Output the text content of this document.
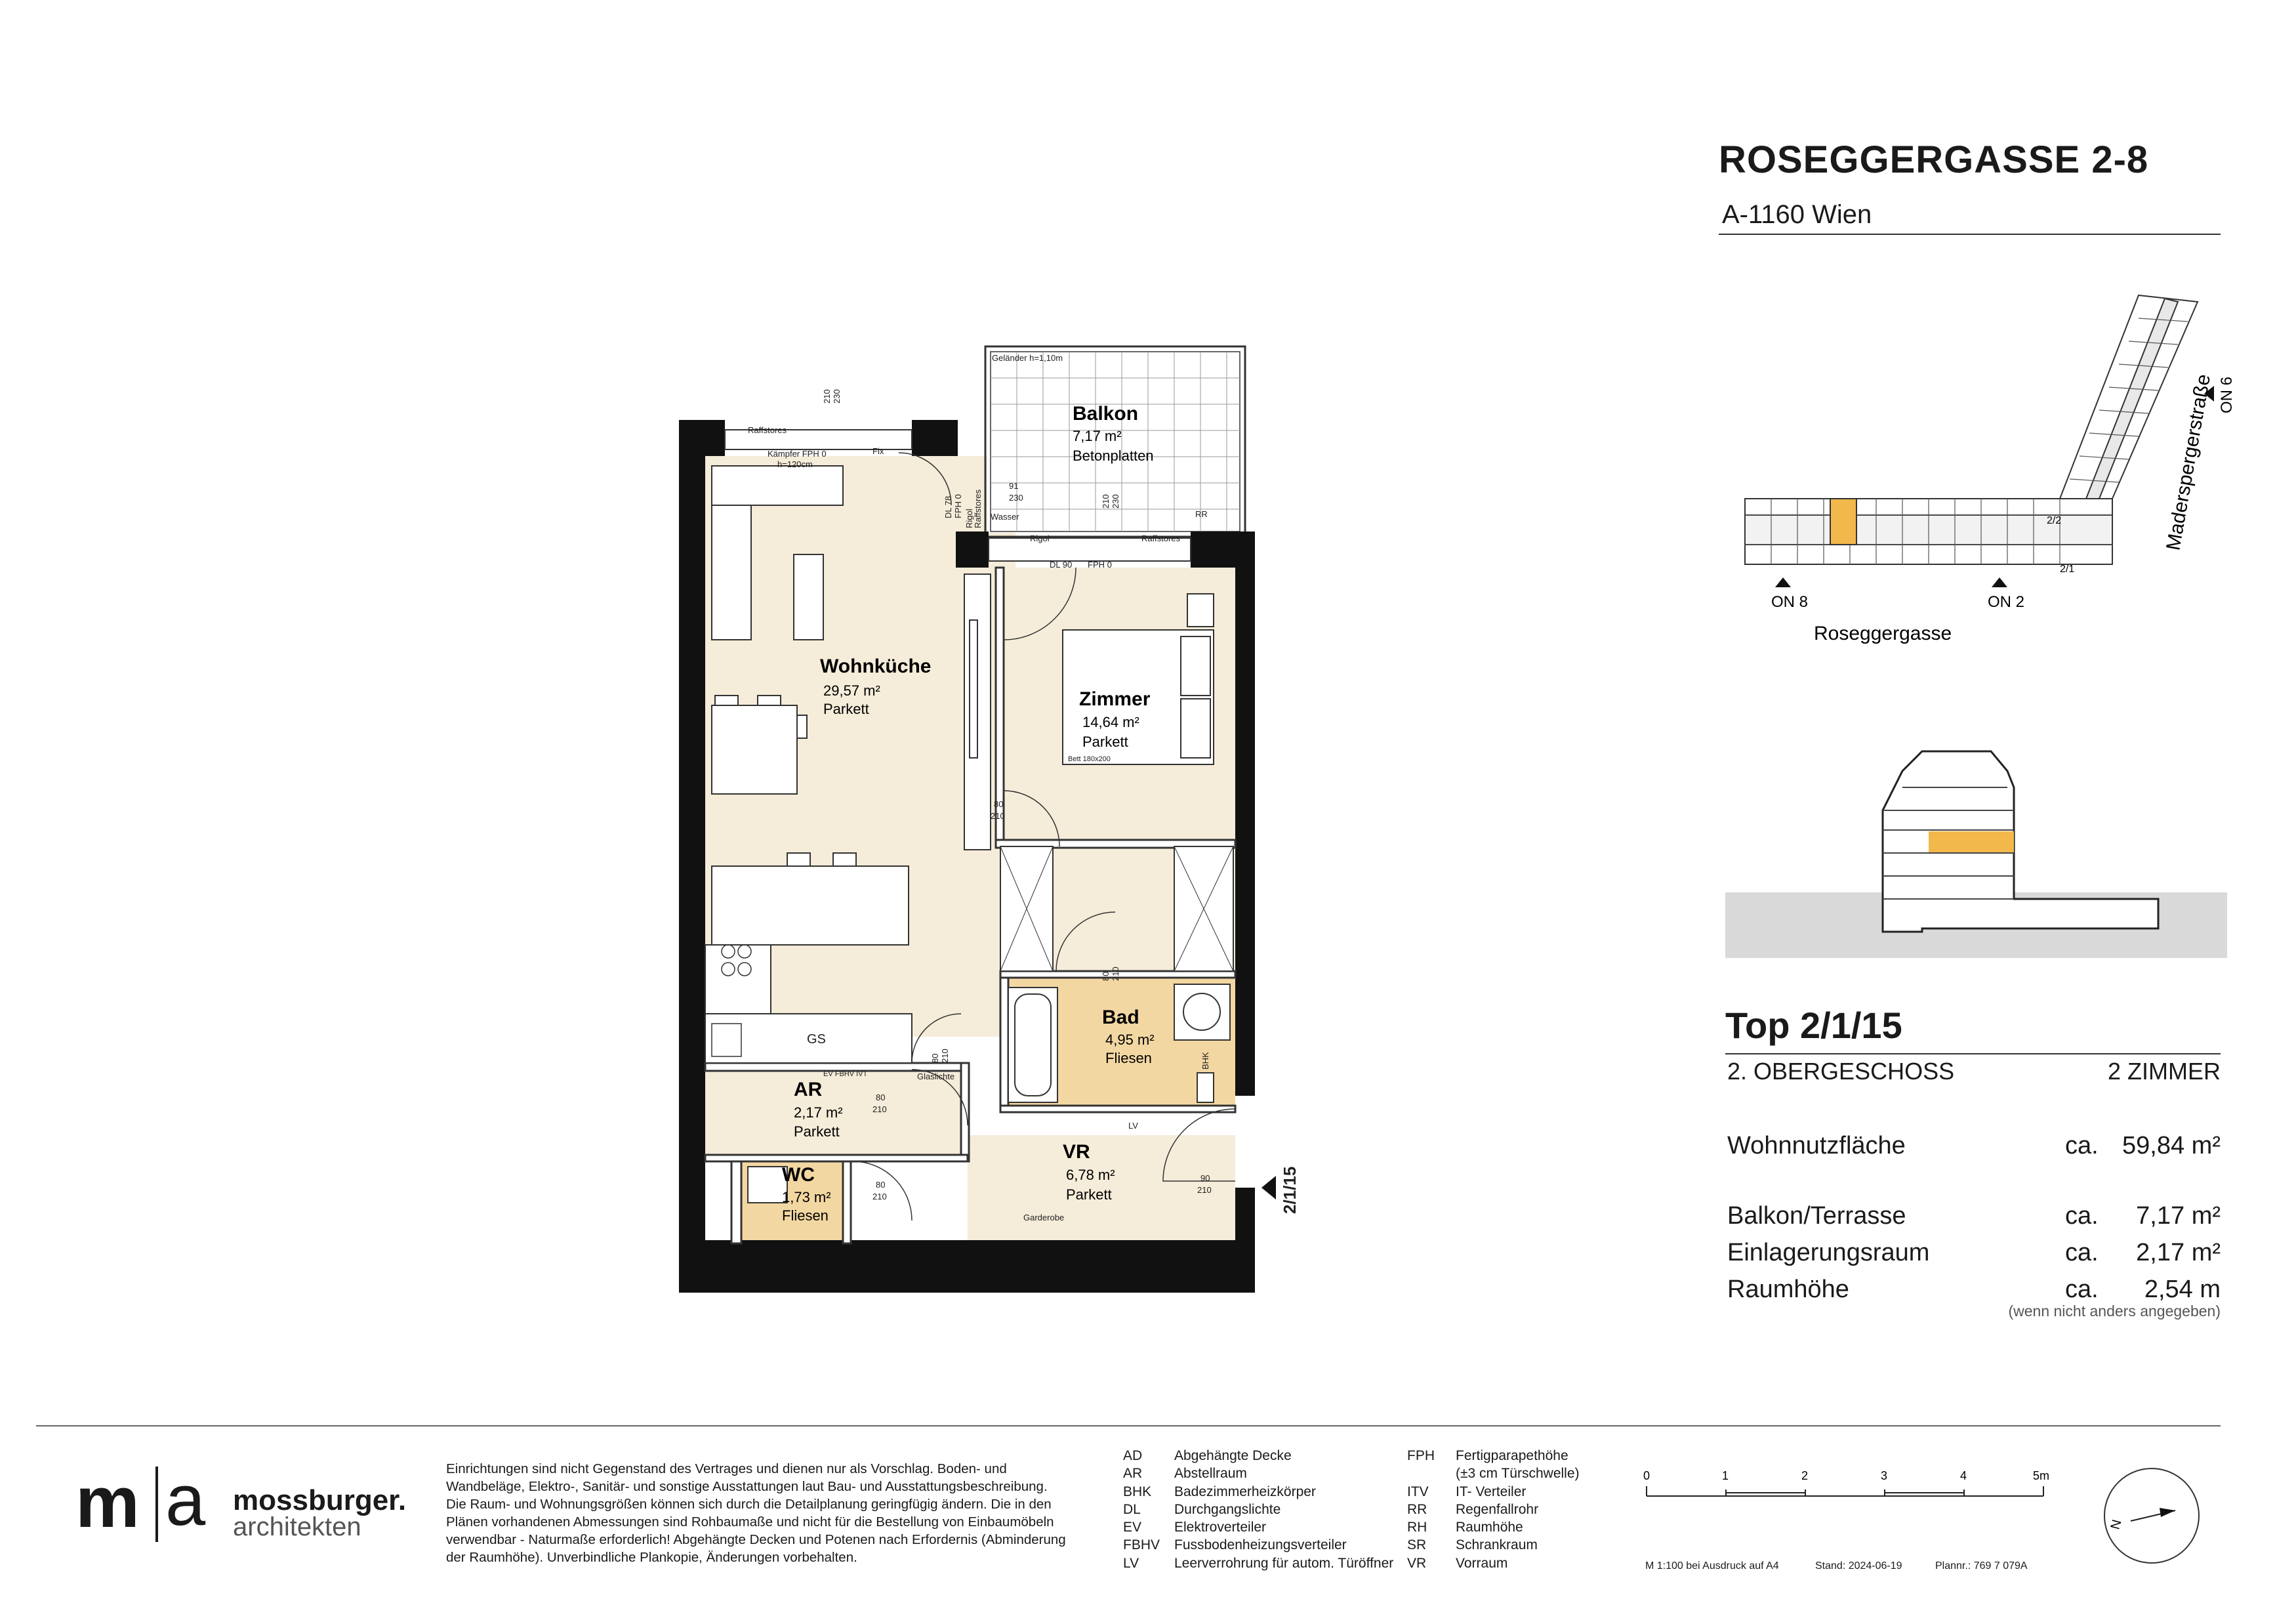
ROSEGGERGASSE 2-8
A-1160 Wien
ON 8	ON 2
Roseggergasse
ON 6
Maderspergerstraße
2/2
2/1
Top 2/1/15
2. OBERGESCHOSS	2 ZIMMER
Wohnnutzfläche	ca. 59,84 m²
Balkon/Terrasse	ca. 7,17 m²
Einlagerungsraum	ca. 2,17 m²
Raumhöhe	ca. 2,54 m
(wenn nicht anders angegeben)
Balkon
7,17 m²
Betonplatten
Wohnküche
29,57 m²
Parkett	Zimmer
14,64 m²
Parkett
Bad
4,95 m²
Fliesen
AR
2,17 m²
Parkett
VR
6,78 m²
Parkett
WC
1,73 m²
Fliesen
Geländer h=1,10m
Raffstores
Kämpfer FPH 0
h=120cm
Fix
DL 78 FPH 0
Rigol
Raffstores
91
230	210 230
210 230
Wasser	RR
Rigol	Raffstores
DL 90 FPH 0
Bett 180x200
80
210
80 210
GS
80 210
Glaslichte
EV FBHV IVT
80
210
BHK
LV
80
210
90
210
Garderobe
2/1/15
m a mossburger.
architekten
Einrichtungen sind nicht Gegenstand des Vertrages und dienen nur als Vorschlag. Boden- und Wandbeläge, Elektro-, Sanitär- und sonstige Ausstattungen laut Bau- und Ausstattungsbeschreibung. Die Raum- und Wohnungsgrößen können sich durch die Detailplanung geringfügig ändern. Die in den Plänen vorhandenen Abmessungen sind Rohbaumaße und nicht für die Bestellung von Einbaumöbeln verwendbar - Naturmaße erforderlich! Abgehängte Decken und Potenen nach Erfordernis (Abminderung der Raumhöhe). Unverbindliche Plankopie, Änderungen vorbehalten.
AD Abgehängte Decke
AR Abstellraum
BHK Badezimmerheizkörper
DL Durchgangslichte
EV Elektroverteiler
FBHV Fussbodenheizungsverteiler
LV	Leerverrohrung für autom. Türöffner
FPH Fertigparapethöhe
(±3 cm Türschwelle)
ITV IT- Verteiler
RR Regenfallrohr
RH Raumhöhe
SR Schrankraum
VR Vorraum
0	1	2	3	4	5m
M 1:100 bei Ausdruck auf A4	Stand: 2024-06-19	Plannr.: 769 7 079A
N
